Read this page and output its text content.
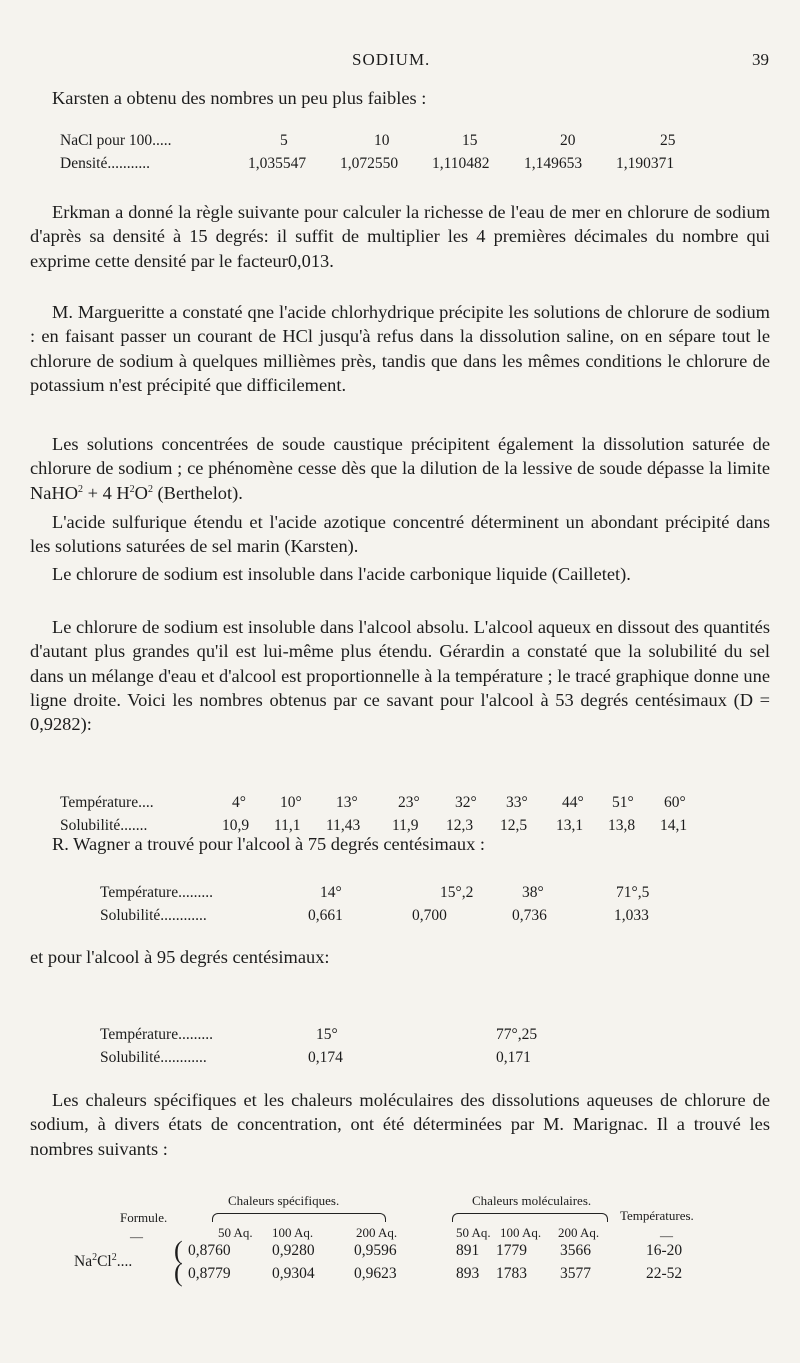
SODIUM.	39

Karsten a obtenu des nombres un peu plus faibles :

NaCl pour 100.....	5	10	15	20	25
Densité...........	1,035547 1,072550 1,110482 1,149653 1,190371

Erkman a donné la règle suivante pour calculer la richesse de l'eau de mer en chlorure de sodium d'après sa densité à 15 degrés: il suffit de multiplier les 4 premières décimales du nombre qui exprime cette densité par le facteur0,013.

M. Margueritte a constaté qne l'acide chlorhydrique précipite les solutions de chlorure de sodium : en faisant passer un courant de HCl jusqu'à refus dans la dissolution saline, on en sépare tout le chlorure de sodium à quelques millièmes près, tandis que dans les mêmes conditions le chlorure de potassium n'est précipité que difficilement.

Les solutions concentrées de soude caustique précipitent également la dissolution saturée de chlorure de sodium ; ce phénomène cesse dès que la dilution de la lessive de soude dépasse la limite NaHO$^2$ + 4 $H^2O^2$ (Berthelot).

L'acide sulfurique étendu et l'acide azotique concentré déterminent un abondant précipité dans les solutions saturées de sel marin (Karsten).

Le chlorure de sodium est insoluble dans l'acide carbonique liquide (Cailletet).

Le chlorure de sodium est insoluble dans l'alcool absolu. L'alcool aqueux en dissout des quantités d'autant plus grandes qu'il est lui-même plus étendu. Gérardin a constaté que la solubilité du sel dans un mélange d'eau et d'alcool est proportionnelle à la température ; le tracé graphique donne une ligne droite. Voici les nombres obtenus par ce savant pour l'alcool à 53 degrés centésimaux (D = 0,9282):

Température....	4° 10° 13°	23° 32° 33° 44° 51° 60°
Solubilité.......	10,9 11,1 11,43 11,9 12,3 12,5 13,1 13,8 14,1

R. Wagner a trouvé pour l'alcool à 75 degrés centésimaux :

Température.........	14°	15°,2	38°	71°,5
Solubilité............	0,661	0,700	0,736	1,033

et pour l'alcool à 95 degrés centésimaux:

Température.........	15°	77°,25
Solubilité............	0,174	0,171

Les chaleurs spécifiques et les chaleurs moléculaires des dissolutions aqueuses de chlorure de sodium, à divers états de concentration, ont été déterminées par M. Marignac. Il a trouvé les nombres suivants :

Formule.
Chaleurs spécifiques.	Chaleurs moléculaires.
Températures.
—	50 Aq. 100 Aq.	200 Aq.	50 Aq. 100 Aq. 200 Aq.	—
Na$^2$Cl$^2$.... (
(
0,8760	0,9280	0,9596	891 1779 3566	16-20
0,8779	0,9304	0,9623	893 1783 3577	22-52
